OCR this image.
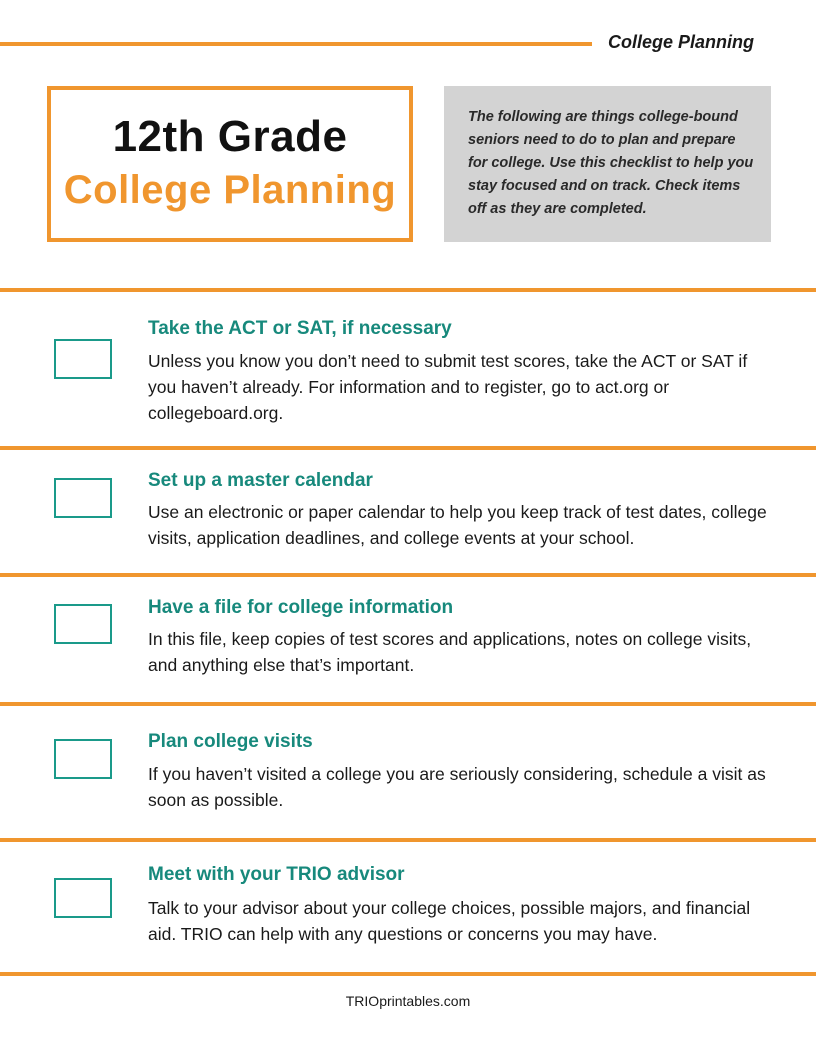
College Planning
12th Grade
College Planning
The following are things college-bound seniors need to do to plan and prepare for college. Use this checklist to help you stay focused and on track. Check items off as they are completed.
Take the ACT or SAT, if necessary
Unless you know you don’t need to submit test scores, take the ACT or SAT if you haven’t already. For information and to register, go to act.org or collegeboard.org.
Set up a master calendar
Use an electronic or paper calendar to help you keep track of test dates, college visits, application deadlines, and college events at your school.
Have a file for college information
In this file, keep copies of test scores and applications, notes on college visits, and anything else that’s important.
Plan college visits
If you haven’t visited a college you are seriously considering, schedule a visit as soon as possible.
Meet with your TRIO advisor
Talk to your advisor about your college choices, possible majors, and financial aid. TRIO can help with any questions or concerns you may have.
TRIOprintables.com
